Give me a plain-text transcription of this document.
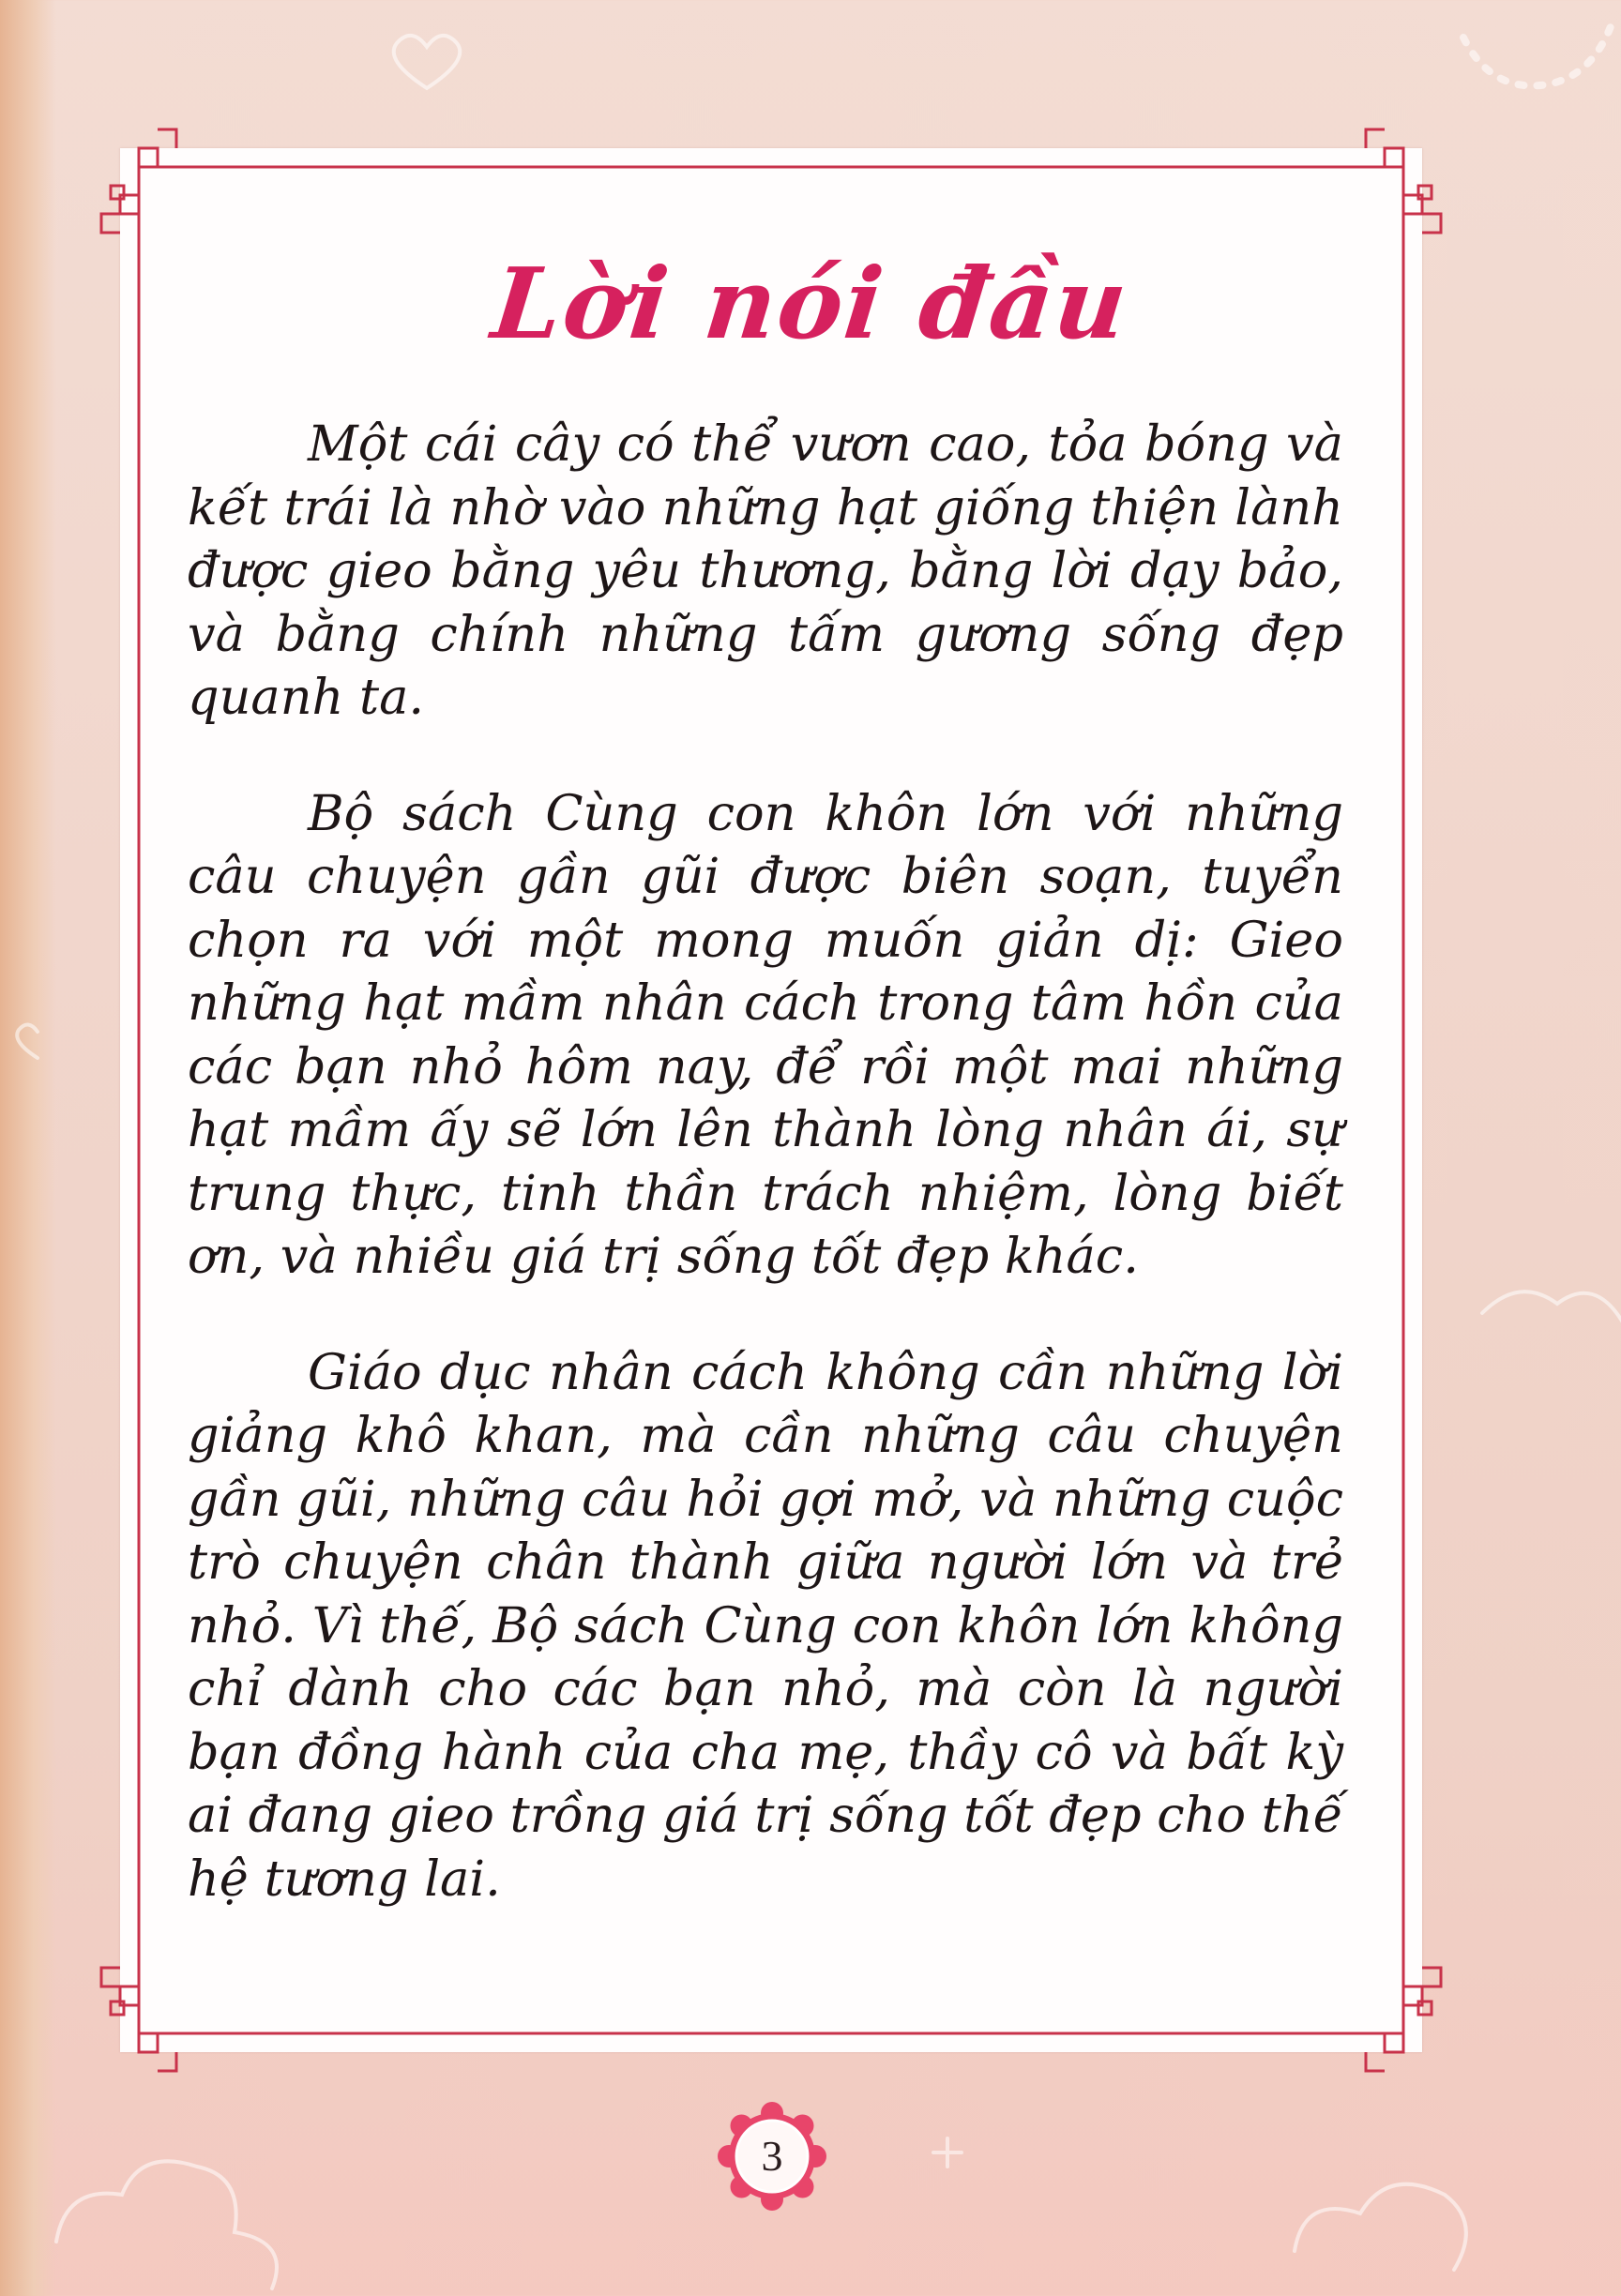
Lời nói đầu

Một cái cây có thể vươn cao, tỏa bóng và kết trái là nhờ vào những hạt giống thiện lành được gieo bằng yêu thương, bằng lời dạy bảo, và bằng chính những tấm gương sống đẹp quanh ta.

Bộ sách Cùng con khôn lớn với những câu chuyện gần gũi được biên soạn, tuyển chọn ra với một mong muốn giản dị: Gieo những hạt mầm nhân cách trong tâm hồn của các bạn nhỏ hôm nay, để rồi một mai những hạt mầm ấy sẽ lớn lên thành lòng nhân ái, sự trung thực, tinh thần trách nhiệm, lòng biết ơn, và nhiều giá trị sống tốt đẹp khác.

Giáo dục nhân cách không cần những lời giảng khô khan, mà cần những câu chuyện gần gũi, những câu hỏi gợi mở, và những cuộc trò chuyện chân thành giữa người lớn và trẻ nhỏ. Vì thế, Bộ sách Cùng con khôn lớn không chỉ dành cho các bạn nhỏ, mà còn là người bạn đồng hành của cha mẹ, thầy cô và bất kỳ ai đang gieo trồng giá trị sống tốt đẹp cho thế hệ tương lai.

3
